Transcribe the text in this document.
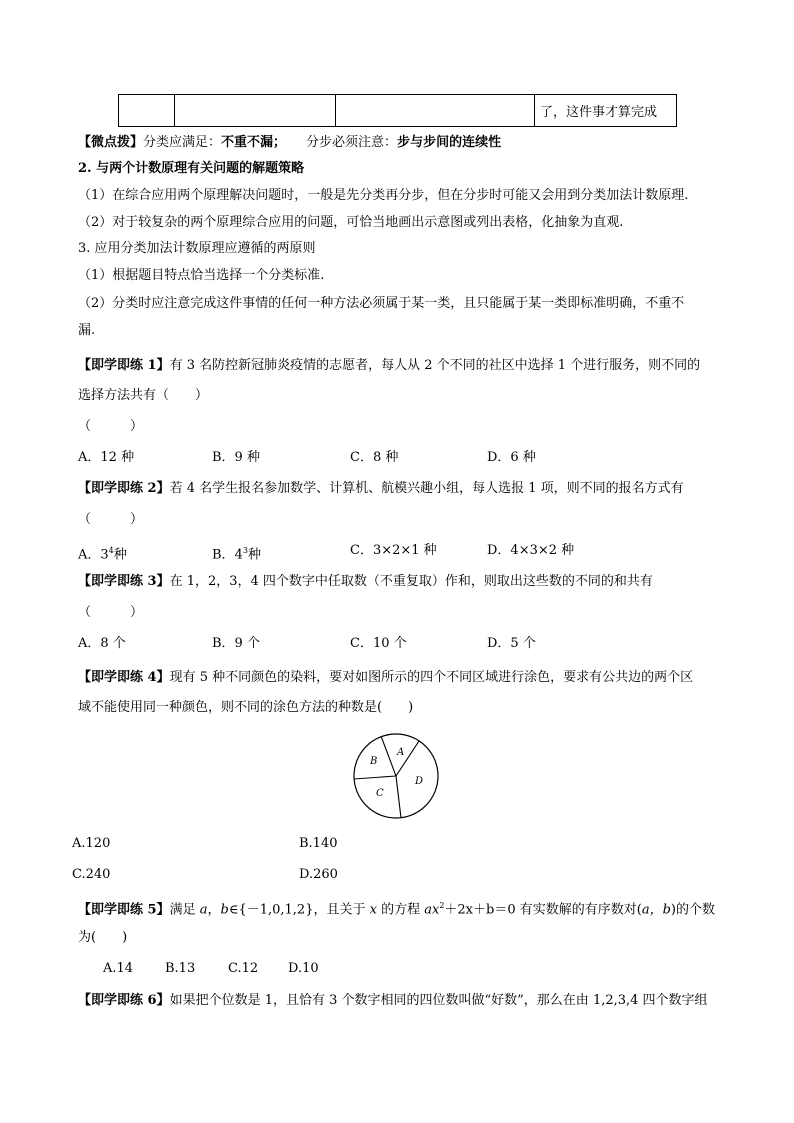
			了，这件事才算完成
【微点拨】分类应满足：不重不漏； 分步必须注意：步与步间的连续性
2. 与两个计数原理有关问题的解题策略
（1）在综合应用两个原理解决问题时，一般是先分类再分步，但在分步时可能又会用到分类加法计数原理.
（2）对于较复杂的两个原理综合应用的问题，可恰当地画出示意图或列出表格，化抽象为直观.
3. 应用分类加法计数原理应遵循的两原则
（1）根据题目特点恰当选择一个分类标准.
（2）分类时应注意完成这件事情的任何一种方法必须属于某一类，且只能属于某一类即标准明确，不重不
漏.
【即学即练 1】有 3 名防控新冠肺炎疫情的志愿者，每人从 2 个不同的社区中选择 1 个进行服务，则不同的
选择方法共有（　　）
（　　　）
A．12 种	B．9 种	C．8 种	D．6 种
【即学即练 2】若 4 名学生报名参加数学、计算机、航模兴趣小组，每人选报 1 项，则不同的报名方式有
（　　　）
A．$3^4$种	B．$4^3$种	C．3×2×1 种	D．4×3×2 种
【即学即练 3】在 1，2，3，4 四个数字中任取数（不重复取）作和，则取出这些数的不同的和共有
（　　　）
A．8 个	B．9 个	C．10 个	D．5 个
【即学即练 4】现有 5 种不同颜色的染料，要对如图所示的四个不同区域进行涂色，要求有公共边的两个区
域不能使用同一种颜色，则不同的涂色方法的种数是(　　)
A
B
C
D
A.120	B.140
C.240	D.260
【即学即练 5】满足 a，b∈{－1,0,1,2}，且关于 x 的方程 $ax^2+2x+b=0$ 有实数解的有序数对(a，b)的个数
为(　　)
A.14 B.13	C.12 D.10
【即学即练 6】如果把个位数是 1，且恰有 3 个数字相同的四位数叫做“好数”，那么在由 1,2,3,4 四个数字组
